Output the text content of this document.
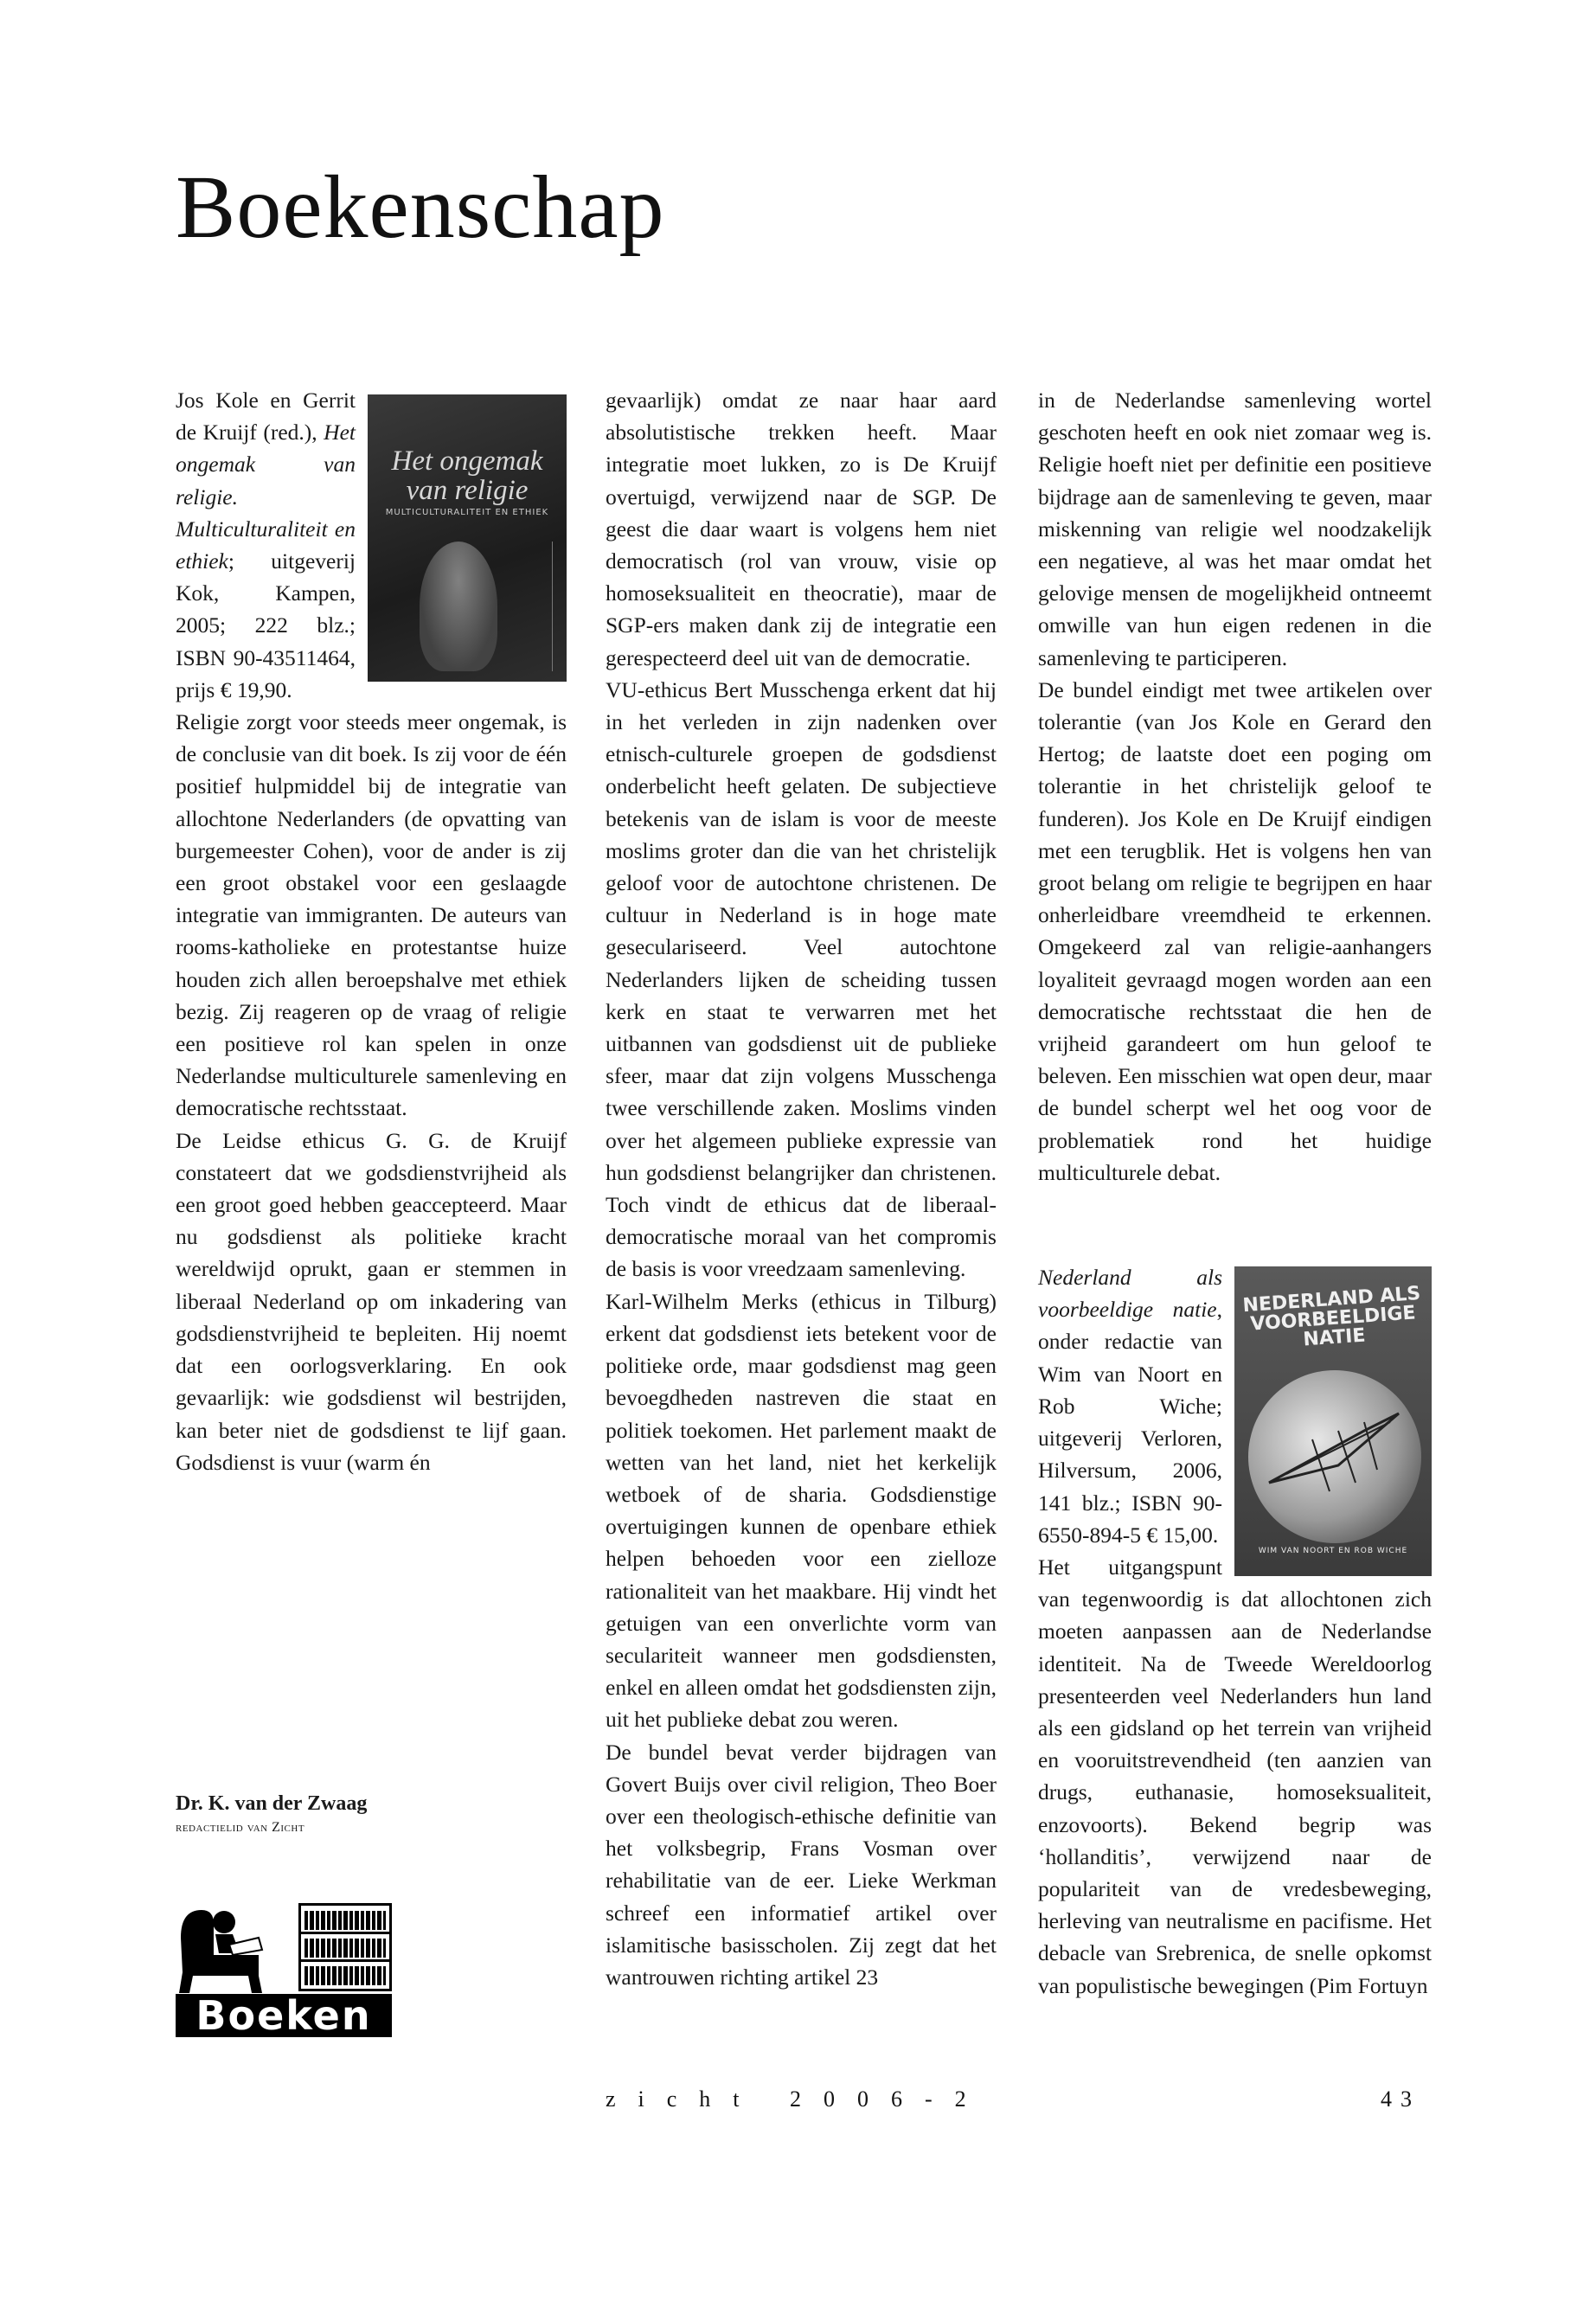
Boekenschap
Het ongemak van religie
MULTICULTURALITEIT EN ETHIEK

Jos Kole en Gerrit de Kruijf (red.), Het ongemak van religie. Multiculturaliteit en ethiek; uitgeverij Kok, Kampen, 2005; 222 blz.; ISBN 90-43511464, prijs € 19,90.

Religie zorgt voor steeds meer ongemak, is de conclusie van dit boek. Is zij voor de één positief hulpmiddel bij de integratie van allochtone Nederlanders (de opvatting van burgemeester Cohen), voor de ander is zij een groot obstakel voor een geslaagde integratie van immigranten. De auteurs van rooms-katholieke en protestantse huize houden zich allen beroepshalve met ethiek bezig. Zij reageren op de vraag of religie een positieve rol kan spelen in onze Nederlandse multiculturele samenleving en democratische rechtsstaat.

De Leidse ethicus G. G. de Kruijf constateert dat we godsdienstvrijheid als een groot goed hebben geaccepteerd. Maar nu godsdienst als politieke kracht wereldwijd oprukt, gaan er stemmen in liberaal Nederland op om inkadering van godsdienstvrijheid te bepleiten. Hij noemt dat een oorlogsverklaring. En ook gevaarlijk: wie godsdienst wil bestrijden, kan beter niet de godsdienst te lijf gaan. Godsdienst is vuur (warm én

Dr. K. van der Zwaag

redactielid van Zicht

Boeken

gevaarlijk) omdat ze naar haar aard absolutistische trekken heeft. Maar integratie moet lukken, zo is De Kruijf overtuigd, verwijzend naar de SGP. De geest die daar waart is volgens hem niet democratisch (rol van vrouw, visie op homoseksualiteit en theocratie), maar de SGP-ers maken dank zij de integratie een gerespecteerd deel uit van de democratie.

VU-ethicus Bert Musschenga erkent dat hij in het verleden in zijn nadenken over etnisch-culturele groepen de godsdienst onderbelicht heeft gelaten. De subjectieve betekenis van de islam is voor de meeste moslims groter dan die van het christelijk geloof voor de autochtone christenen. De cultuur in Nederland is in hoge mate geseculariseerd. Veel autochtone Nederlanders lijken de scheiding tussen kerk en staat te verwarren met het uitbannen van godsdienst uit de publieke sfeer, maar dat zijn volgens Musschenga twee verschillende zaken. Moslims vinden over het algemeen publieke expressie van hun godsdienst belangrijker dan christenen. Toch vindt de ethicus dat de liberaal-democratische moraal van het compromis de basis is voor vreedzaam samenleving.

Karl-Wilhelm Merks (ethicus in Tilburg) erkent dat godsdienst iets betekent voor de politieke orde, maar godsdienst mag geen bevoegdheden nastreven die staat en politiek toekomen. Het parlement maakt de wetten van het land, niet het kerkelijk wetboek of de sharia. Godsdienstige overtuigingen kunnen de openbare ethiek helpen behoeden voor een zielloze rationaliteit van het maakbare. Hij vindt het getuigen van een onverlichte vorm van seculariteit wanneer men godsdiensten, enkel en alleen omdat het godsdiensten zijn, uit het publieke debat zou weren.

De bundel bevat verder bijdragen van Govert Buijs over civil religion, Theo Boer over een theologisch-ethische definitie van het volksbegrip, Frans Vosman over rehabilitatie van de eer. Lieke Werkman schreef een informatief artikel over islamitische basisscholen. Zij zegt dat het wantrouwen richting artikel 23

in de Nederlandse samenleving wortel geschoten heeft en ook niet zomaar weg is. Religie hoeft niet per definitie een positieve bijdrage aan de samenleving te geven, maar miskenning van religie wel noodzakelijk een negatieve, al was het maar omdat het gelovige mensen de mogelijkheid ontneemt omwille van hun eigen redenen in die samenleving te participeren.

De bundel eindigt met twee artikelen over tolerantie (van Jos Kole en Gerard den Hertog; de laatste doet een poging om tolerantie in het christelijk geloof te funderen). Jos Kole en De Kruijf eindigen met een terugblik. Het is volgens hen van groot belang om religie te begrijpen en haar onherleidbare vreemdheid te erkennen. Omgekeerd zal van religie-aanhangers loyaliteit gevraagd mogen worden aan een democratische rechtsstaat die hen de vrijheid garandeert om hun geloof te beleven. Een misschien wat open deur, maar de bundel scherpt wel het oog voor de problematiek rond het huidige multiculturele debat.

NEDERLAND ALS VOORBEELDIGE NATIE
WIM VAN NOORT EN ROB WICHE

Nederland als voorbeeldige natie, onder redactie van Wim van Noort en Rob Wiche; uitgeverij Verloren, Hilversum, 2006, 141 blz.; ISBN 90-6550-894-5 € 15,00.

Het uitgangspunt van tegenwoordig is dat allochtonen zich moeten aanpassen aan de Nederlandse identiteit. Na de Tweede Wereldoorlog presenteerden veel Nederlanders hun land als een gidsland op het terrein van vrijheid en vooruitstrevendheid (ten aanzien van drugs, euthanasie, homoseksualiteit, enzovoorts). Bekend begrip was ‘hollanditis’, verwijzend naar de populariteit van de vredesbeweging, herleving van neutralisme en pacifisme. Het debacle van Srebrenica, de snelle opkomst van populistische bewegingen (Pim Fortuyn

zicht 2006-2	43
